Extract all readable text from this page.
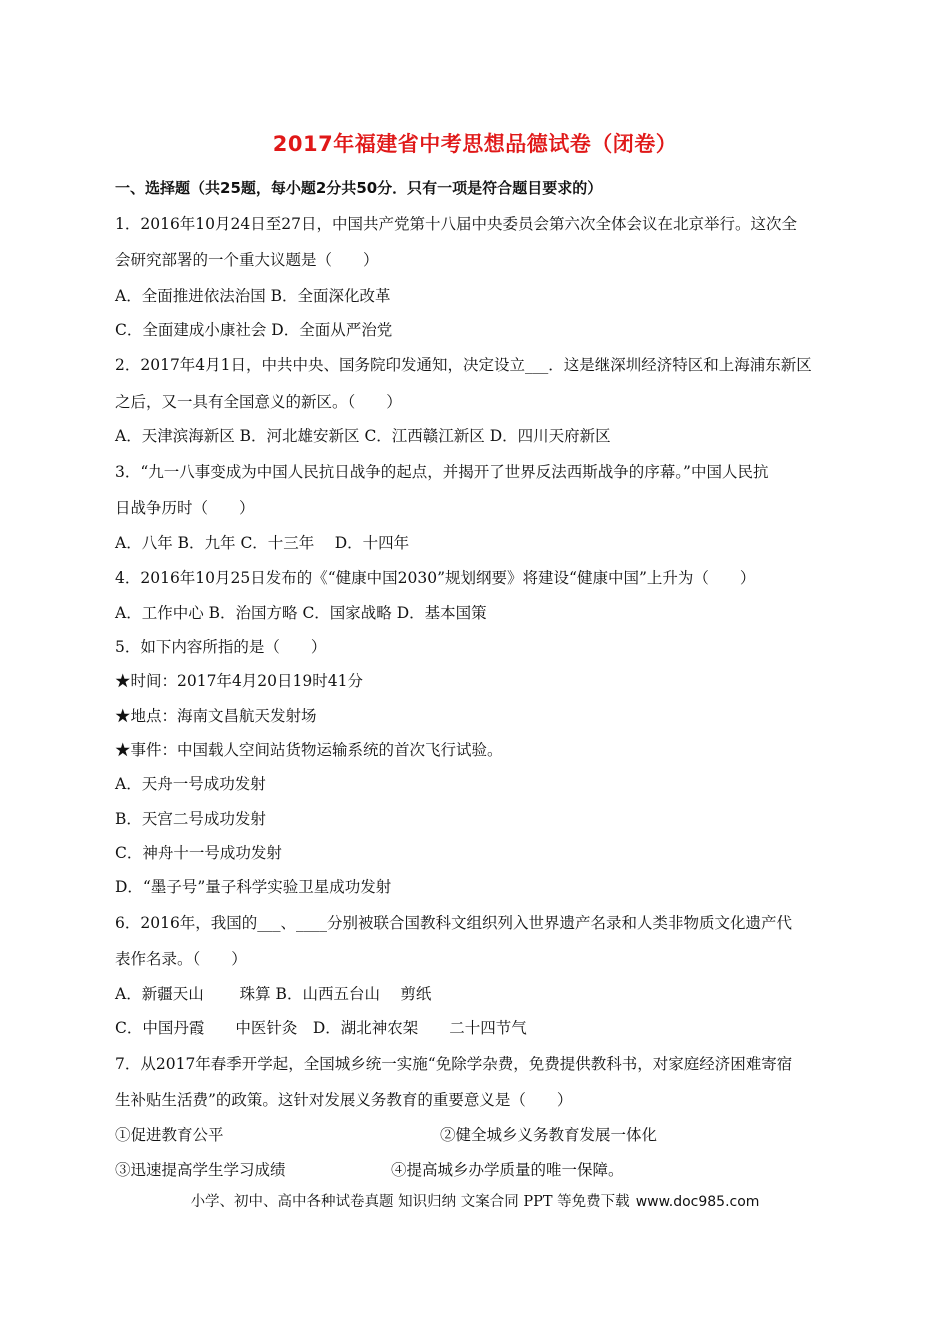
2017年福建省中考思想品德试卷（闭卷）
一、选择题（共25题，每小题2分共50分．只有一项是符合题目要求的）
1．2016年10月24日至27日，中国共产党第十八届中央委员会第六次全体会议在北京举行。这次全
会研究部署的一个重大议题是（　　）
A．全面推进依法治国 B．全面深化改革
C．全面建成小康社会 D．全面从严治党
2．2017年4月1日，中共中央、国务院印发通知，决定设立___．这是继深圳经济特区和上海浦东新区
之后，又一具有全国意义的新区。（　　）
A．天津滨海新区 B．河北雄安新区 C．江西赣江新区 D．四川天府新区
3．“九一八事变成为中国人民抗日战争的起点，并揭开了世界反法西斯战争的序幕。”中国人民抗
日战争历时（　　）
A．八年 B．九年 C．十三年　 D．十四年
4．2016年10月25日发布的《“健康中国2030”规划纲要》将建设“健康中国”上升为（　　）
A．工作中心 B．治国方略 C．国家战略 D．基本国策
5．如下内容所指的是（　　）
★时间：2017年4月20日19时41分
★地点：海南文昌航天发射场
★事件：中国载人空间站货物运输系统的首次飞行试验。
A．天舟一号成功发射
B．天宫二号成功发射
C．神舟十一号成功发射
D．“墨子号”量子科学实验卫星成功发射
6．2016年，我国的___、____分别被联合国教科文组织列入世界遗产名录和人类非物质文化遗产代
表作名录。（　　）
A．新疆天山　　 珠算 B．山西五台山　 剪纸
C．中国丹霞　　中医针灸　D．湖北神农架　　二十四节气
7．从2017年春季开学起，全国城乡统一实施“免除学杂费，免费提供教科书，对家庭经济困难寄宿
生补贴生活费”的政策。这针对发展义务教育的重要意义是（　　）
①促进教育公平	②健全城乡义务教育发展一体化
③迅速提高学生学习成绩	④提高城乡办学质量的唯一保障。
小学、初中、高中各种试卷真题 知识归纳 文案合同 PPT 等免费下载 www.doc985.com
